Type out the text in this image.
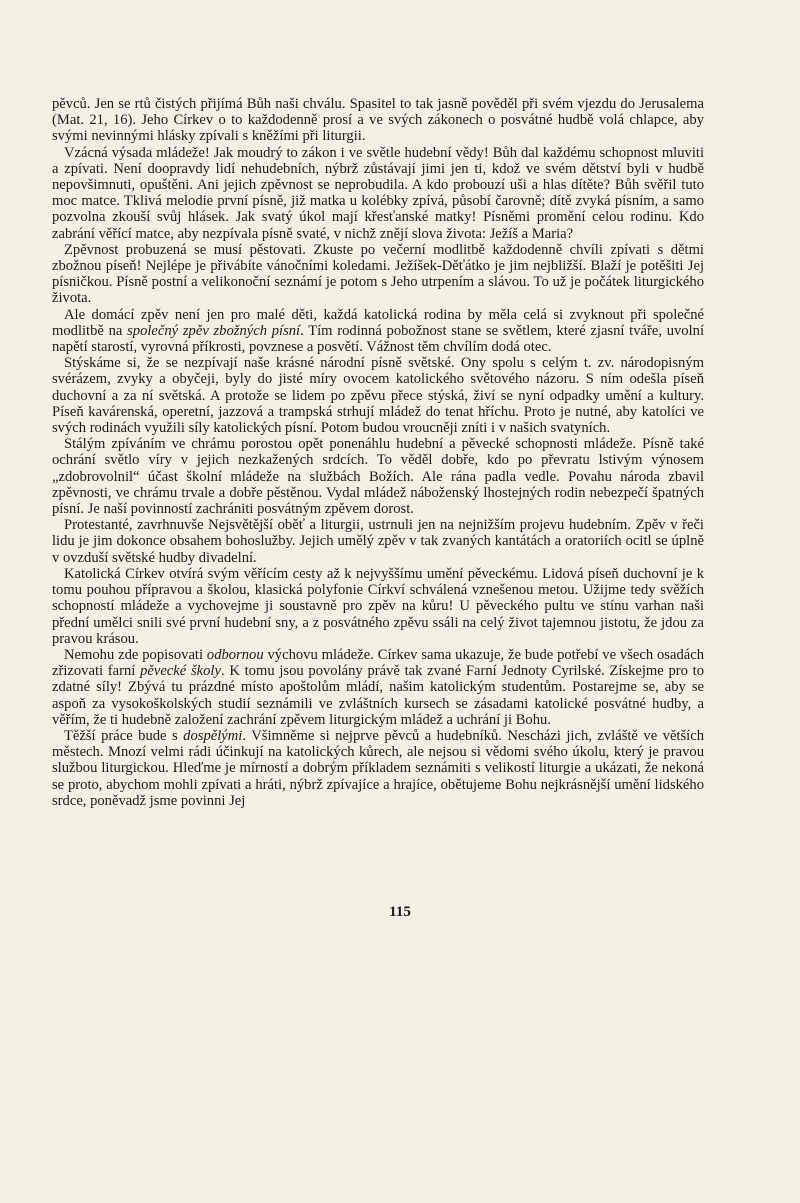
pěvců. Jen se rtů čistých přijímá Bůh naši chválu. Spasitel to tak jasně pověděl při svém vjezdu do Jerusalema (Mat. 21, 16). Jeho Církev o to každodenně prosí a ve svých zákonech o posvátné hudbě volá chlapce, aby svými nevinnými hlásky zpívali s kněžími při liturgii.

Vzácná výsada mládeže! Jak moudrý to zákon i ve světle hudební vědy! Bůh dal každému schopnost mluviti a zpívati. Není doopravdy lidí nehudebních, nýbrž zůstávají jimi jen ti, kdož ve svém dětství byli v hudbě nepovšimnuti, opuštěni. Ani jejich zpěvnost se neprobudila. A kdo probouzí uši a hlas dítěte? Bůh svěřil tuto moc matce. Tklivá melodie první písně, již matka u kolébky zpívá, působí čarovně; dítě zvyká písním, a samo pozvolna zkouší svůj hlásek. Jak svatý úkol mají křesťanské matky! Písněmi promění celou rodinu. Kdo zabrání věřící matce, aby nezpívala písně svaté, v nichž znějí slova života: Ježíš a Maria?

Zpěvnost probuzená se musí pěstovati. Zkuste po večerní modlitbě každodenně chvíli zpívati s dětmi zbožnou píseň! Nejlépe je přivábíte vánočními koledami. Ježíšek-Děťátko je jim nejbližší. Blaží je potěšiti Jej písničkou. Písně postní a velikonoční seznámí je potom s Jeho utrpením a slávou. To už je počátek liturgického života.

Ale domácí zpěv není jen pro malé děti, každá katolická rodina by měla celá si zvyknout při společné modlitbě na společný zpěv zbožných písní. Tím rodinná pobožnost stane se světlem, které zjasní tváře, uvolní napětí starostí, vyrovná příkrosti, povznese a posvětí. Vážnost těm chvílím dodá otec.

Stýskáme si, že se nezpívají naše krásné národní písně světské. Ony spolu s celým t. zv. národopisným svérázem, zvyky a obyčeji, byly do jisté míry ovocem katolického světového názoru. S ním odešla píseň duchovní a za ní světská. A protože se lidem po zpěvu přece stýská, živí se nyní odpadky umění a kultury. Píseň kavárenská, operetní, jazzová a trampská strhují mládež do tenat hříchu. Proto je nutné, aby katolíci ve svých rodinách využili síly katolických písní. Potom budou vroucněji zníti i v našich svatyních.

Stálým zpíváním ve chrámu porostou opět ponenáhlu hudební a pěvecké schopnosti mládeže. Písně také ochrání světlo víry v jejich nezkažených srdcích. To věděl dobře, kdo po převratu lstivým výnosem „zdobrovolnil“ účast školní mládeže na službách Božích. Ale rána padla vedle. Povahu národa zbavil zpěvnosti, ve chrámu trvale a dobře pěstěnou. Vydal mládež náboženský lhostejných rodin nebezpečí špatných písní. Je naší povinností zachrániti posvátným zpěvem dorost.

Protestanté, zavrhnuvše Nejsvětější oběť a liturgii, ustrnuli jen na nejnižším projevu hudebním. Zpěv v řeči lidu je jim dokonce obsahem bohoslužby. Jejich umělý zpěv v tak zvaných kantátách a oratoriích ocitl se úplně v ovzduší světské hudby divadelní.

Katolická Církev otvírá svým věřícím cesty až k nejvyššímu umění pěveckému. Lidová píseň duchovní je k tomu pouhou přípravou a školou, klasická polyfonie Církví schválená vznešenou metou. Užijme tedy svěžích schopností mládeže a vychovejme ji soustavně pro zpěv na kůru! U pěveckého pultu ve stínu varhan naši přední umělci snili své první hudební sny, a z posvátného zpěvu ssáli na celý život tajemnou jistotu, že jdou za pravou krásou.

Nemohu zde popisovati odbornou výchovu mládeže. Církev sama ukazuje, že bude potřebí ve všech osadách zřizovati farní pěvecké školy. K tomu jsou povolány právě tak zvané Farní Jednoty Cyrilské. Získejme pro to zdatné síly! Zbývá tu prázdné místo apoštolům mládí, našim katolickým studentům. Postarejme se, aby se aspoň za vysokoškolských studií seznámili ve zvláštních kursech se zásadami katolické posvátné hudby, a věřím, že ti hudebně založení zachrání zpěvem liturgickým mládež a uchrání ji Bohu.

Těžší práce bude s dospělými. Všimněme si nejprve pěvců a hudebníků. Nescházi jich, zvláště ve větších městech. Mnozí velmi rádi účinkují na katolických kůrech, ale nejsou si vědomi svého úkolu, který je pravou službou liturgickou. Hleďme je mírností a dobrým příkladem seznámiti s velikostí liturgie a ukázati, že nekoná se proto, abychom mohli zpívati a hráti, nýbrž zpívajíce a hrajíce, obětujeme Bohu nejkrásnější umění lidského srdce, poněvadž jsme povinni Jej

115
